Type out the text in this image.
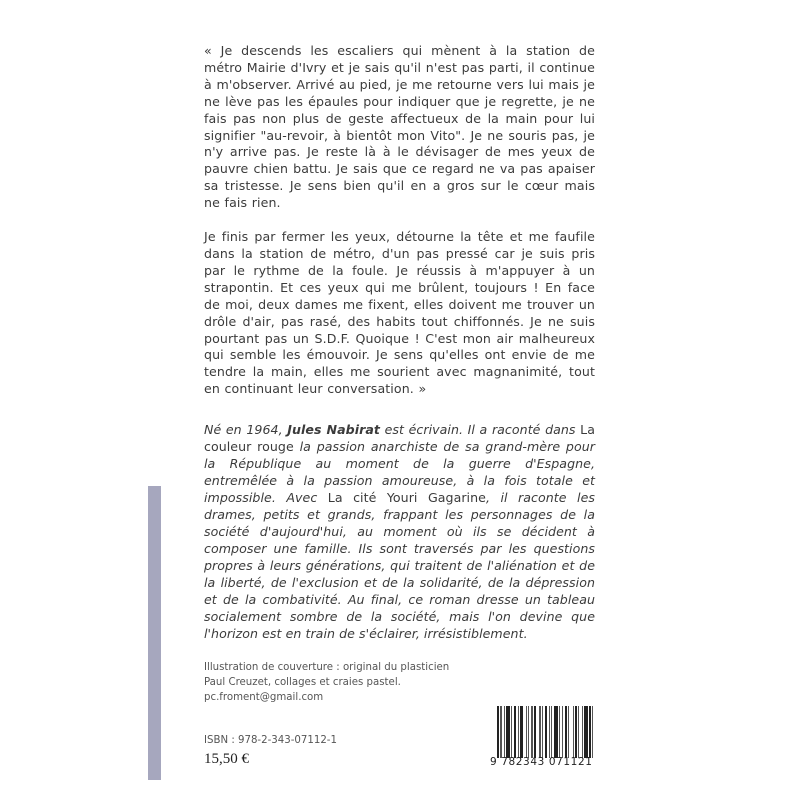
« Je descends les escaliers qui mènent à la station de métro Mairie d'Ivry et je sais qu'il n'est pas parti, il continue à m'observer. Arrivé au pied, je me retourne vers lui mais je ne lève pas les épaules pour indiquer que je regrette, je ne fais pas non plus de geste affectueux de la main pour lui signifier "au-revoir, à bientôt mon Vito". Je ne souris pas, je n'y arrive pas. Je reste là à le dévisager de mes yeux de pauvre chien battu. Je sais que ce regard ne va pas apaiser sa tristesse. Je sens bien qu'il en a gros sur le cœur mais ne fais rien.

Je finis par fermer les yeux, détourne la tête et me faufile dans la station de métro, d'un pas pressé car je suis pris par le rythme de la foule. Je réussis à m'appuyer à un strapontin. Et ces yeux qui me brûlent, toujours ! En face de moi, deux dames me fixent, elles doivent me trouver un drôle d'air, pas rasé, des habits tout chiffonnés. Je ne suis pourtant pas un S.D.F. Quoique ! C'est mon air malheureux qui semble les émouvoir. Je sens qu'elles ont envie de me tendre la main, elles me sourient avec magnanimité, tout en continuant leur conversation. »

Né en 1964, Jules Nabirat est écrivain. Il a raconté dans La couleur rouge la passion anarchiste de sa grand-mère pour la République au moment de la guerre d'Espagne, entremêlée à la passion amoureuse, à la fois totale et impossible. Avec La cité Youri Gagarine, il raconte les drames, petits et grands, frappant les personnages de la société d'aujourd'hui, au moment où ils se décident à composer une famille. Ils sont traversés par les questions propres à leurs générations, qui traitent de l'aliénation et de la liberté, de l'exclusion et de la solidarité, de la dépression et de la combativité. Au final, ce roman dresse un tableau socialement sombre de la société, mais l'on devine que l'horizon est en train de s'éclairer, irrésistiblement.
Illustration de couverture : original du plasticien
Paul Creuzet, collages et craies pastel.
pc.froment@gmail.com
ISBN : 978-2-343-07112-1
15,50 €	9 782343 071121
